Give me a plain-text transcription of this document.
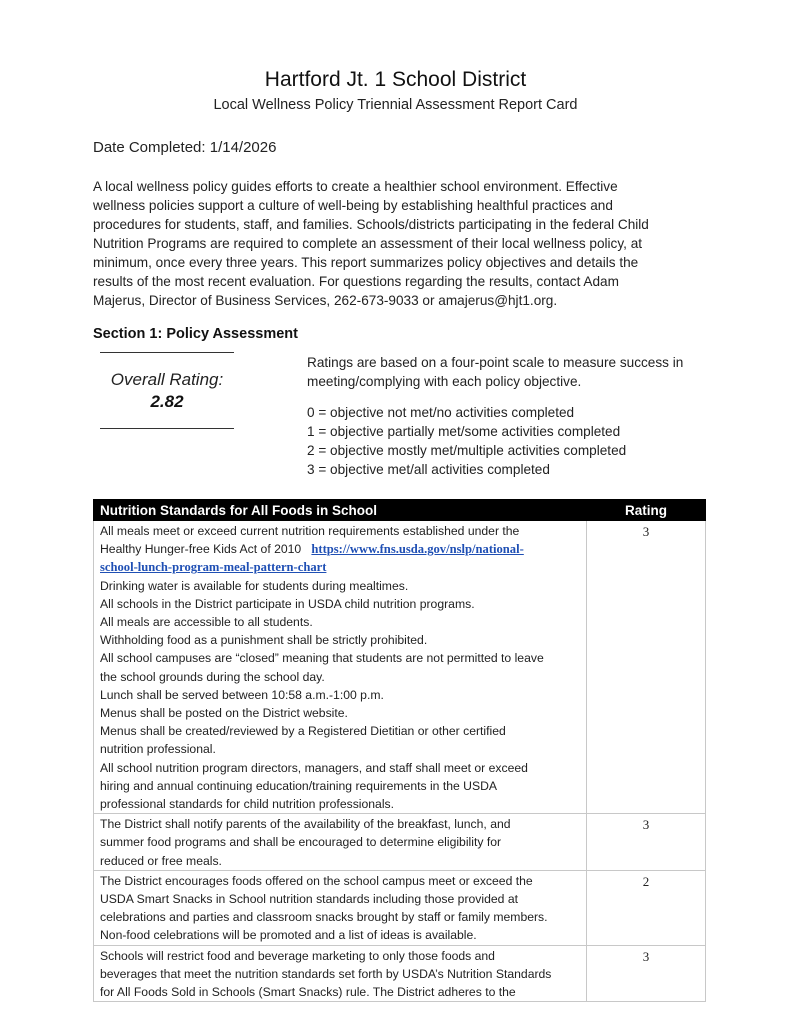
Hartford Jt. 1 School District
Local Wellness Policy Triennial Assessment Report Card
Date Completed: 1/14/2026
A local wellness policy guides efforts to create a healthier school environment. Effective
wellness policies support a culture of well-being by establishing healthful practices and
procedures for students, staff, and families. Schools/districts participating in the federal Child
Nutrition Programs are required to complete an assessment of their local wellness policy, at
minimum, once every three years. This report summarizes policy objectives and details the
results of the most recent evaluation. For questions regarding the results, contact Adam
Majerus, Director of Business Services, 262-673-9033 or amajerus@hjt1.org.
Section 1: Policy Assessment
Overall Rating:
2.82
Ratings are based on a four-point scale to measure success in
meeting/complying with each policy objective.
0 = objective not met/no activities completed
1 = objective partially met/some activities completed
2 = objective mostly met/multiple activities completed
3 = objective met/all activities completed
Nutrition Standards for All Foods in School	Rating

All meals meet or exceed current nutrition requirements established under the
Healthy Hunger-free Kids Act of 2010 https://www.fns.usda.gov/nslp/national-
school-lunch-program-meal-pattern-chart
Drinking water is available for students during mealtimes.
All schools in the District participate in USDA child nutrition programs.
All meals are accessible to all students.
Withholding food as a punishment shall be strictly prohibited.
All school campuses are “closed” meaning that students are not permitted to leave
the school grounds during the school day.
Lunch shall be served between 10:58 a.m.-1:00 p.m.
Menus shall be posted on the District website.
Menus shall be created/reviewed by a Registered Dietitian or other certified
nutrition professional.
All school nutrition program directors, managers, and staff shall meet or exceed
hiring and annual continuing education/training requirements in the USDA
professional standards for child nutrition professionals.
	3

The District shall notify parents of the availability of the breakfast, lunch, and
summer food programs and shall be encouraged to determine eligibility for
reduced or free meals.	3

The District encourages foods offered on the school campus meet or exceed the
USDA Smart Snacks in School nutrition standards including those provided at
celebrations and parties and classroom snacks brought by staff or family members.
Non-food celebrations will be promoted and a list of ideas is available.	2

Schools will restrict food and beverage marketing to only those foods and
beverages that meet the nutrition standards set forth by USDA’s Nutrition Standards
for All Foods Sold in Schools (Smart Snacks) rule. The District adheres to the	3
